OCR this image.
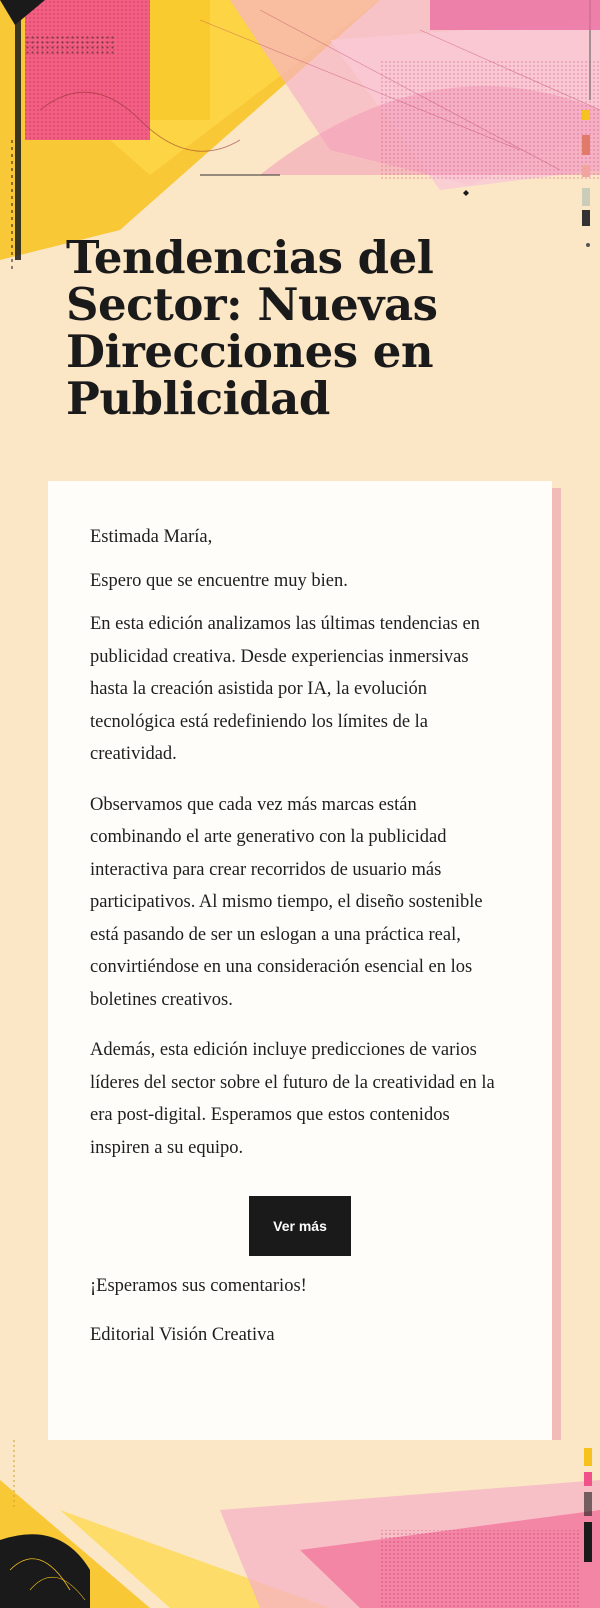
Tendencias del Sector: Nuevas Direcciones en Publicidad

Estimada María,

Espero que se encuentre muy bien.

En esta edición analizamos las últimas tendencias en publicidad creativa. Desde experiencias inmersivas hasta la creación asistida por IA, la evolución tecnológica está redefiniendo los límites de la creatividad.

Observamos que cada vez más marcas están combinando el arte generativo con la publicidad interactiva para crear recorridos de usuario más participativos. Al mismo tiempo, el diseño sostenible está pasando de ser un eslogan a una práctica real, convirtiéndose en una consideración esencial en los boletines creativos.

Además, esta edición incluye predicciones de varios líderes del sector sobre el futuro de la creatividad en la era post-digital. Esperamos que estos contenidos inspiren a su equipo.

Ver más

¡Esperamos sus comentarios!

Editorial Visión Creativa
